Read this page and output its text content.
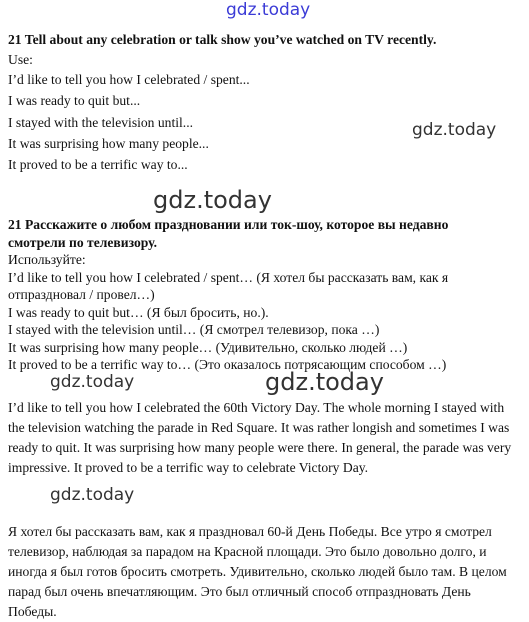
gdz.today
gdz.today
gdz.today
gdz.today	gdz.today
gdz.today
21 Tell about any celebration or talk show you’ve watched on TV recently.
Use:
I’d like to tell you how I celebrated / spent...
I was ready to quit but...
I stayed with the television until...
It was surprising how many people...
It proved to be a terrific way to...
21 Расскажите о любом праздновании или ток-шоу, которое вы недавно
смотрели по телевизору.
Используйте:
I’d like to tell you how I celebrated / spent… (Я хотел бы рассказать вам, как я
отпраздновал / провел…)
I was ready to quit but… (Я был бросить, но.).
I stayed with the television until… (Я смотрел телевизор, пока …)
It was surprising how many people… (Удивительно, сколько людей …)
It proved to be a terrific way to… (Это оказалось потрясающим способом …)
I’d like to tell you how I celebrated the 60th Victory Day. The whole morning I stayed with the television watching the parade in Red Square. It was rather longish and sometimes I was ready to quit. It was surprising how many people were there. In general, the parade was very impressive. It proved to be a terrific way to celebrate Victory Day.
Я хотел бы рассказать вам, как я праздновал 60-й День Победы. Все утро я смотрел телевизор, наблюдая за парадом на Красной площади. Это было довольно долго, и иногда я был готов бросить смотреть. Удивительно, сколько людей было там. В целом парад был очень впечатляющим. Это был отличный способ отпраздновать День Победы.
